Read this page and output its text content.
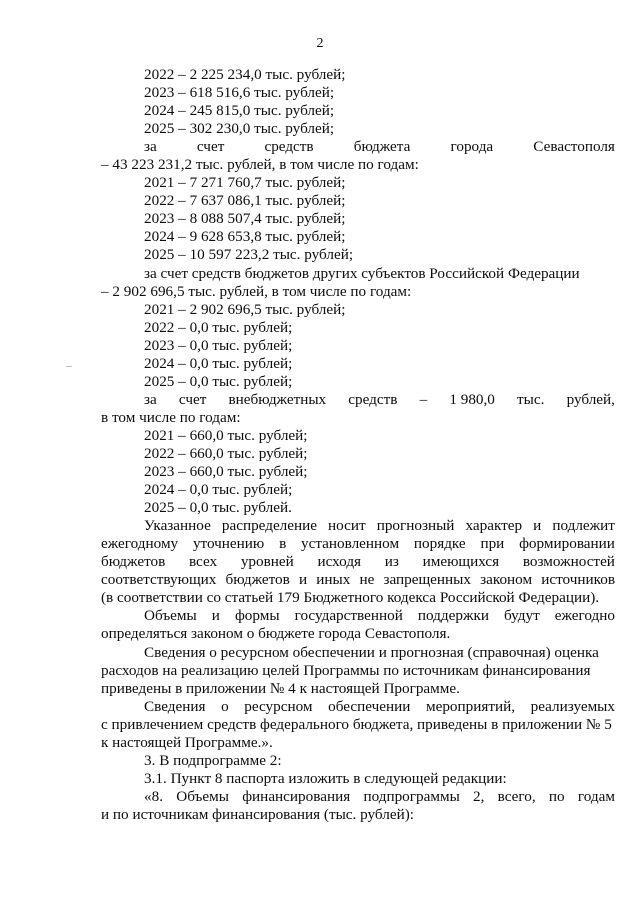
2
2022 – 2 225 234,0 тыс. рублей;
2023 – 618 516,6 тыс. рублей;
2024 – 245 815,0 тыс. рублей;
2025 – 302 230,0 тыс. рублей;
за	счет	средств	бюджета	города	Севастополя
– 43 223 231,2 тыс. рублей, в том числе по годам:
2021 – 7 271 760,7 тыс. рублей;
2022 – 7 637 086,1 тыс. рублей;
2023 – 8 088 507,4 тыс. рублей;
2024 – 9 628 653,8 тыс. рублей;
2025 – 10 597 223,2 тыс. рублей;
за счет средств бюджетов других субъектов Российской Федерации
– 2 902 696,5 тыс. рублей, в том числе по годам:
2021 – 2 902 696,5 тыс. рублей;
2022 – 0,0 тыс. рублей;
2023 – 0,0 тыс. рублей;
2024 – 0,0 тыс. рублей;
2025 – 0,0 тыс. рублей;
за счет внебюджетных средств – 1 980,0 тыс. рублей,
в том числе по годам:
2021 – 660,0 тыс. рублей;
2022 – 660,0 тыс. рублей;
2023 – 660,0 тыс. рублей;
2024 – 0,0 тыс. рублей;
2025 – 0,0 тыс. рублей.
Указанное распределение носит прогнозный характер и подлежит
ежегодному уточнению в установленном порядке при формировании
бюджетов всех уровней исходя из имеющихся возможностей
соответствующих бюджетов и иных не запрещенных законом источников
(в соответствии со статьей 179 Бюджетного кодекса Российской Федерации).
Объемы и формы государственной поддержки будут ежегодно
определяться законом о бюджете города Севастополя.
Сведения о ресурсном обеспечении и прогнозная (справочная) оценка
расходов на реализацию целей Программы по источникам финансирования
приведены в приложении № 4 к настоящей Программе.
Сведения о ресурсном обеспечении мероприятий, реализуемых
с привлечением средств федерального бюджета, приведены в приложении № 5
к настоящей Программе.».
3. В подпрограмме 2:
3.1. Пункт 8 паспорта изложить в следующей редакции:
«8. Объемы финансирования подпрограммы 2, всего, по годам
и по источникам финансирования (тыс. рублей):
